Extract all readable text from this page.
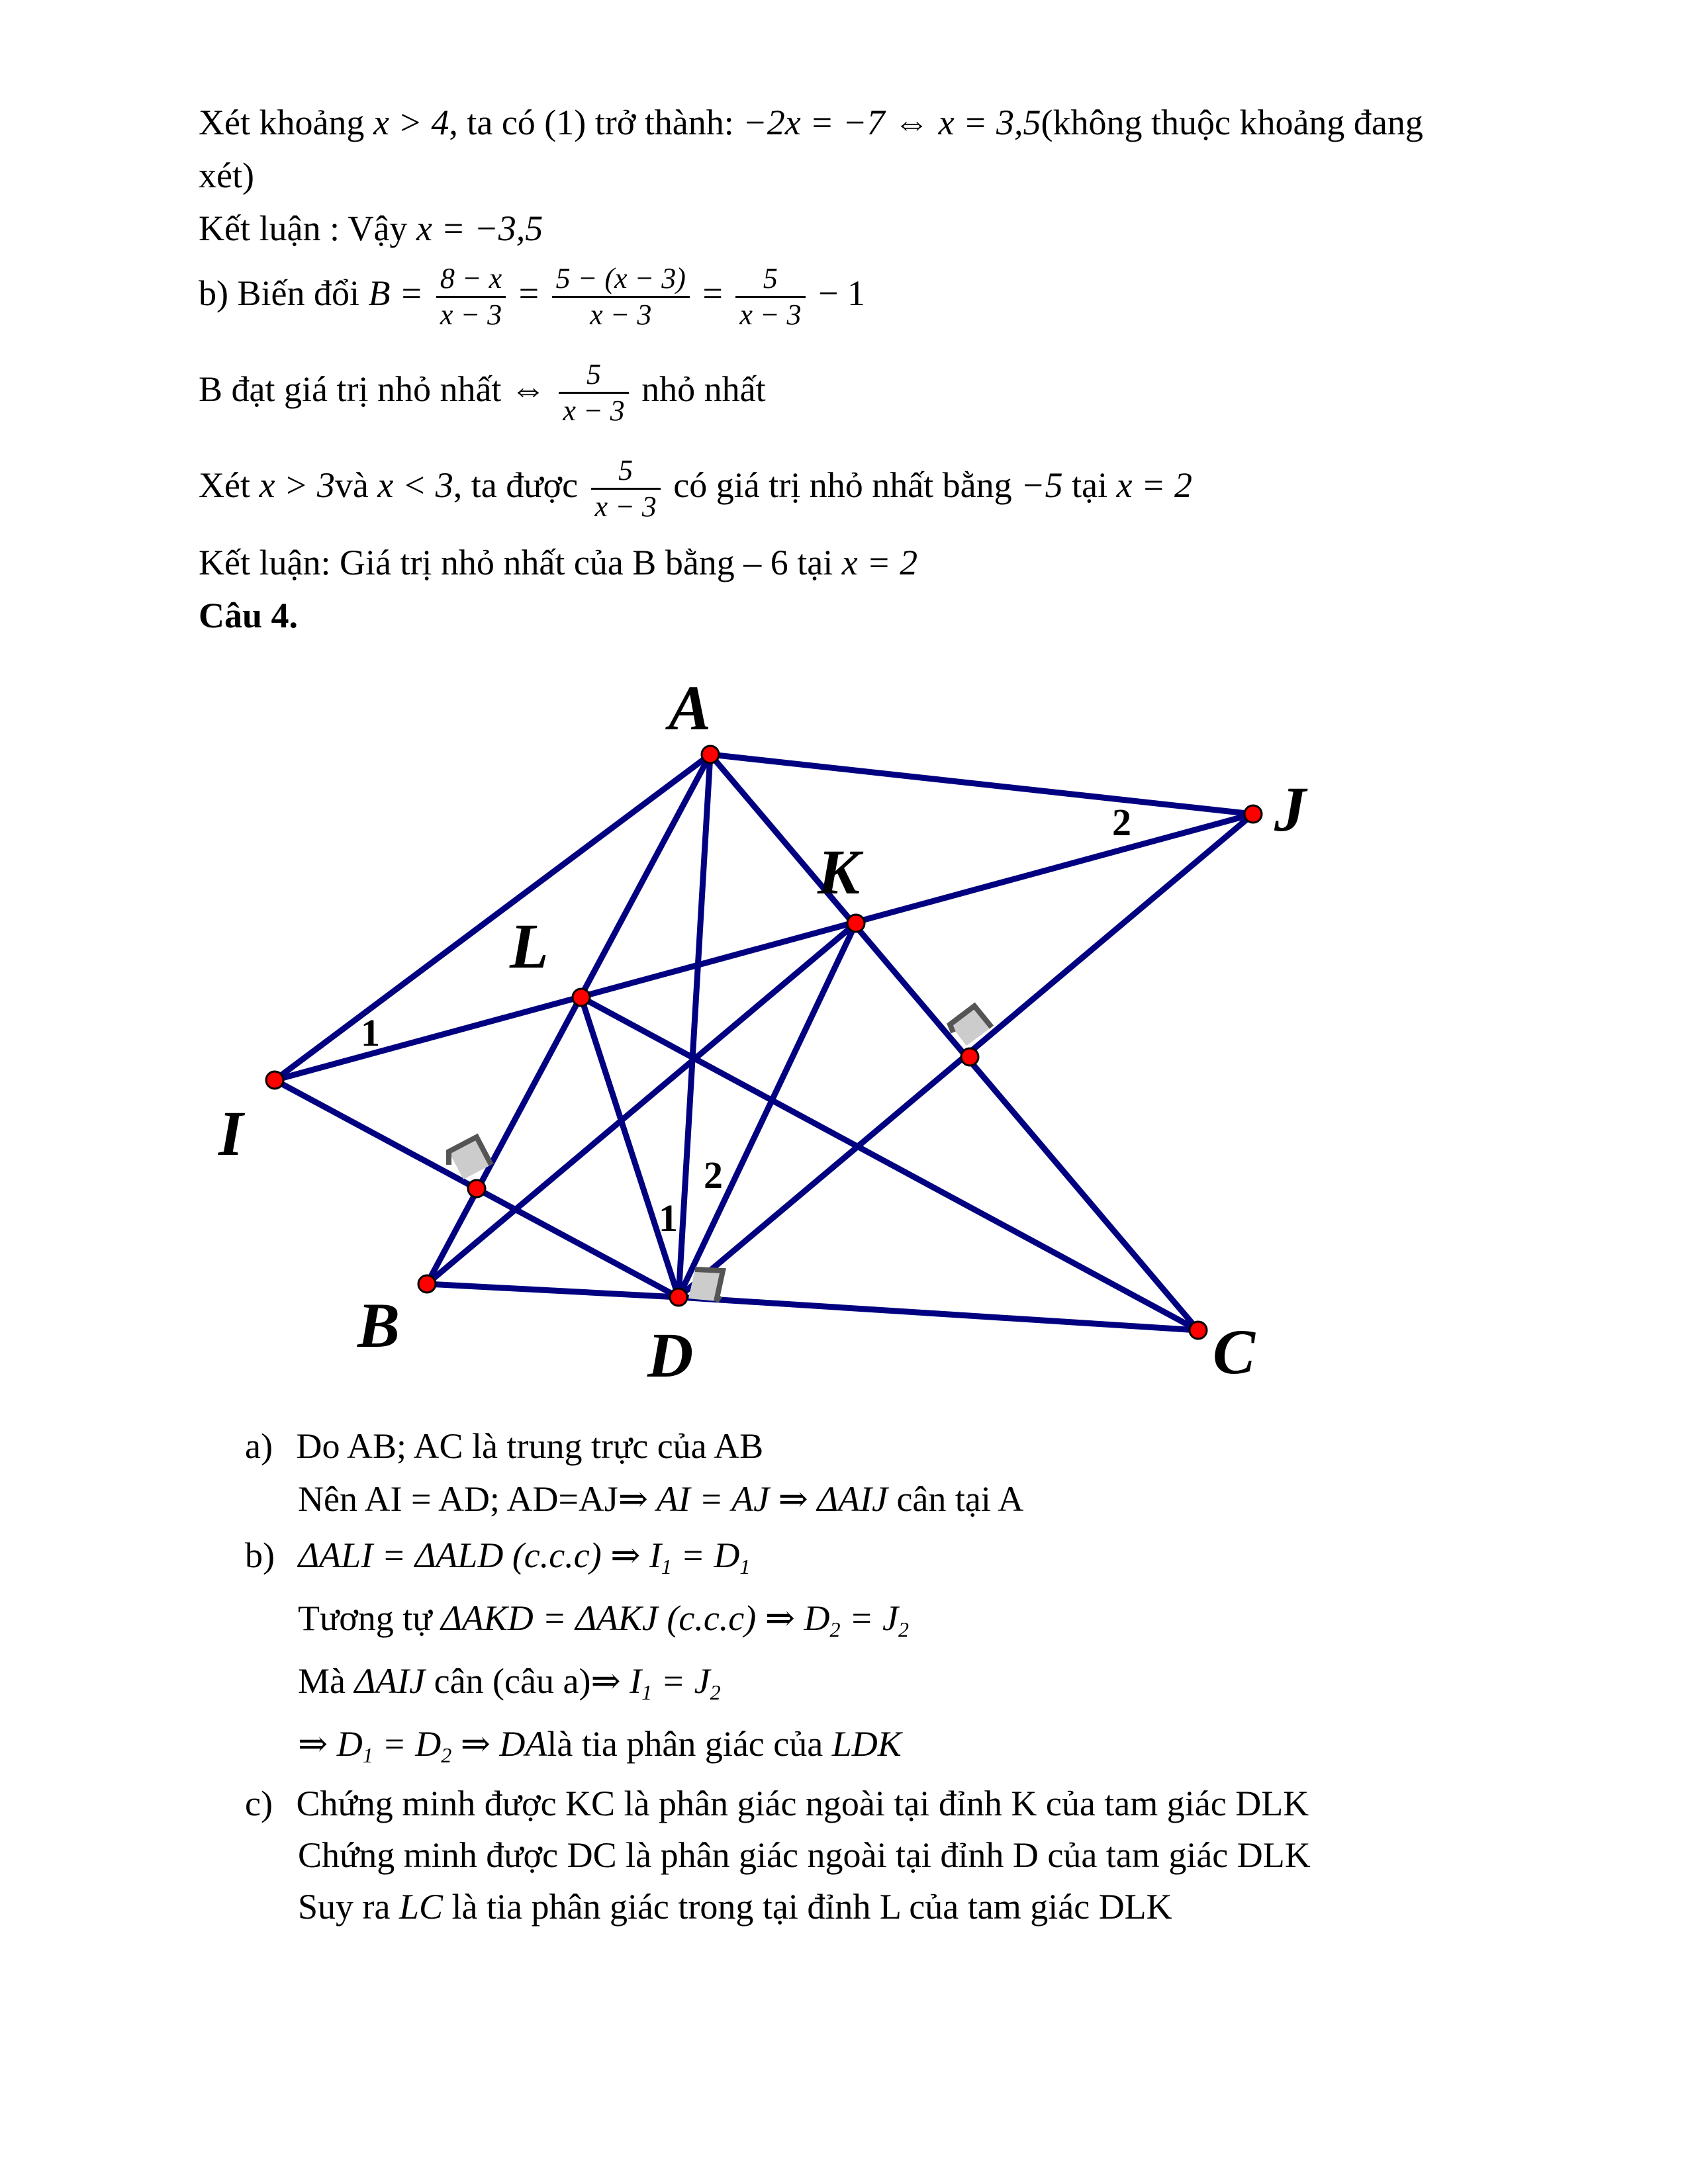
Xét khoảng x > 4, ta có (1) trở thành: −2x = −7 ⇔ x = 3,5(không thuộc khoảng đang
xét)
Kết luận : Vậy x = −3,5
b) Biến đổi $B = \frac{8 - x}{x - 3} = \frac{5 - (x - 3)}{x - 3} = \frac{5}{x - 3} - 1$
B đạt giá trị nhỏ nhất ⇔ $\frac{5}{x - 3}$ nhỏ nhất
Xét x > 3và x < 3, ta được $\frac{5}{x - 3}$ có giá trị nhỏ nhất bằng −5 tại x = 2
Kết luận: Giá trị nhỏ nhất của B bằng – 6 tại x = 2
Câu 4.
A
J
K
L
I
B	D	C
1
2
1
2
a) Do AB; AC là trung trực của AB
Nên AI = AD; AD=AJ⇒ AI = AJ ⇒ ΔAIJ cân tại A
b) ΔALI = ΔALD (c.c.c) ⇒ $I_1 = D_1$
Tương tự ΔAKD = ΔAKJ (c.c.c) ⇒ $D_2 = J_2$
Mà ΔAIJ cân (câu a)⇒ $I_1 = J_2$
⇒ $D_1 = D_2$ ⇒ DAlà tia phân giác của LDK
c) Chứng minh được KC là phân giác ngoài tại đỉnh K của tam giác DLK
Chứng minh được DC là phân giác ngoài tại đỉnh D của tam giác DLK
Suy ra LC là tia phân giác trong tại đỉnh L của tam giác DLK
